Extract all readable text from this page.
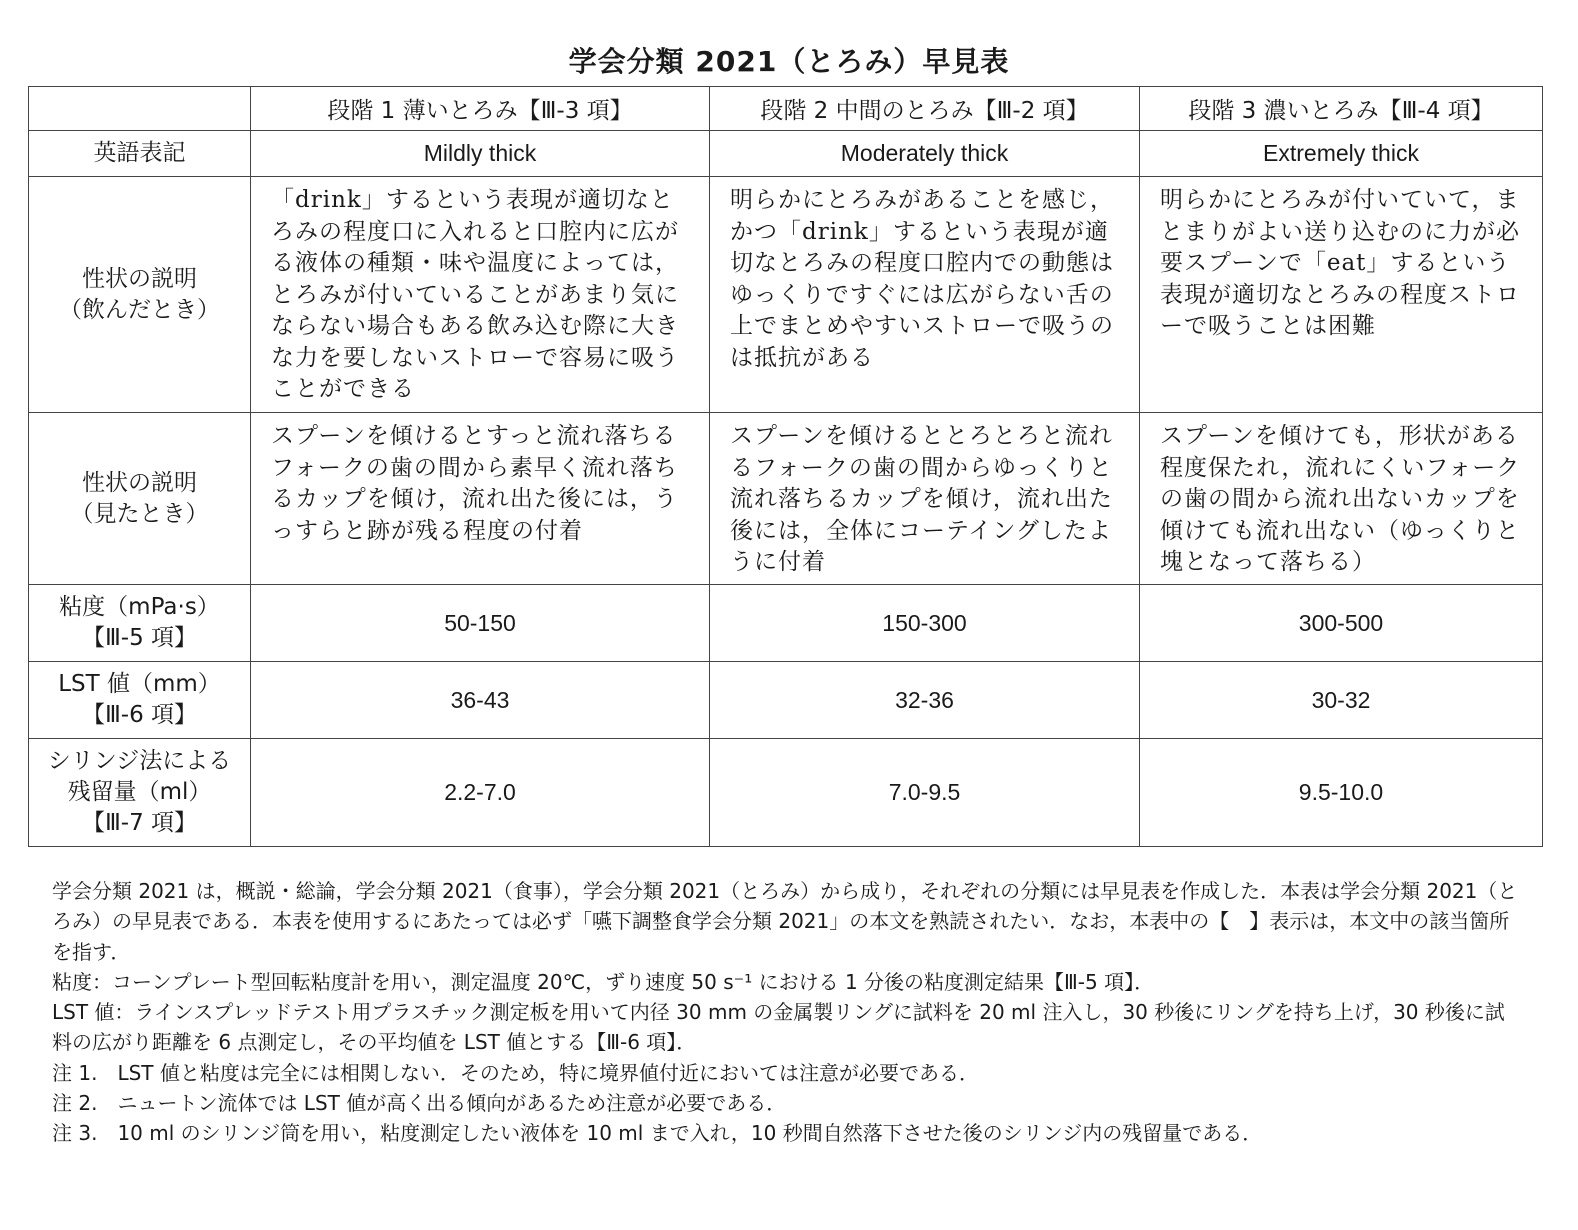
学会分類 2021（とろみ）早見表
	段階 1 薄いとろみ【Ⅲ-3 項】	段階 2 中間のとろみ【Ⅲ-2 項】	段階 3 濃いとろみ【Ⅲ-4 項】
英語表記	Mildly thick	Moderately thick	Extremely thick

性状の説明
（飲んだとき）	「drink」するという表現が適切なとろみの程度口に入れると口腔内に広がる液体の種類・味や温度によっては，とろみが付いていることがあまり気にならない場合もある飲み込む際に大きな力を要しないストローで容易に吸うことができる	明らかにとろみがあることを感じ，かつ「drink」するという表現が適切なとろみの程度口腔内での動態はゆっくりですぐには広がらない舌の上でまとめやすいストローで吸うのは抵抗がある	明らかにとろみが付いていて，まとまりがよい送り込むのに力が必要スプーンで「eat」するという表現が適切なとろみの程度ストローで吸うことは困難

性状の説明
（見たとき）	スプーンを傾けるとすっと流れ落ちるフォークの歯の間から素早く流れ落ちるカップを傾け，流れ出た後には，うっすらと跡が残る程度の付着	スプーンを傾けるととろとろと流れるフォークの歯の間からゆっくりと流れ落ちるカップを傾け，流れ出た後には，全体にコーテイングしたように付着	スプーンを傾けても，形状がある程度保たれ，流れにくいフォークの歯の間から流れ出ないカップを傾けても流れ出ない（ゆっくりと塊となって落ちる）

粘度（mPa·s）
【Ⅲ-5 項】	50-150	150-300	300-500

LST 値（mm）
【Ⅲ-6 項】	36-43	32-36	30-32

シリンジ法による
残留量（ml）
【Ⅲ-7 項】	2.2-7.0	7.0-9.5	9.5-10.0

学会分類 2021 は，概説・総論，学会分類 2021（食事），学会分類 2021（とろみ）から成り，それぞれの分類には早見表を作成した．本表は学会分類 2021（とろみ）の早見表である．本表を使用するにあたっては必ず「嚥下調整食学会分類 2021」の本文を熟読されたい．なお，本表中の【　】表示は，本文中の該当箇所を指す．

粘度：コーンプレート型回転粘度計を用い，測定温度 20℃，ずり速度 50 s⁻¹ における 1 分後の粘度測定結果【Ⅲ-5 項】．

LST 値：ラインスプレッドテスト用プラスチック測定板を用いて内径 30 mm の金属製リングに試料を 20 ml 注入し，30 秒後にリングを持ち上げ，30 秒後に試料の広がり距離を 6 点測定し，その平均値を LST 値とする【Ⅲ-6 項】．

注 1.　LST 値と粘度は完全には相関しない．そのため，特に境界値付近においては注意が必要である．

注 2.　ニュートン流体では LST 値が高く出る傾向があるため注意が必要である．

注 3.　10 ml のシリンジ筒を用い，粘度測定したい液体を 10 ml まで入れ，10 秒間自然落下させた後のシリンジ内の残留量である．
